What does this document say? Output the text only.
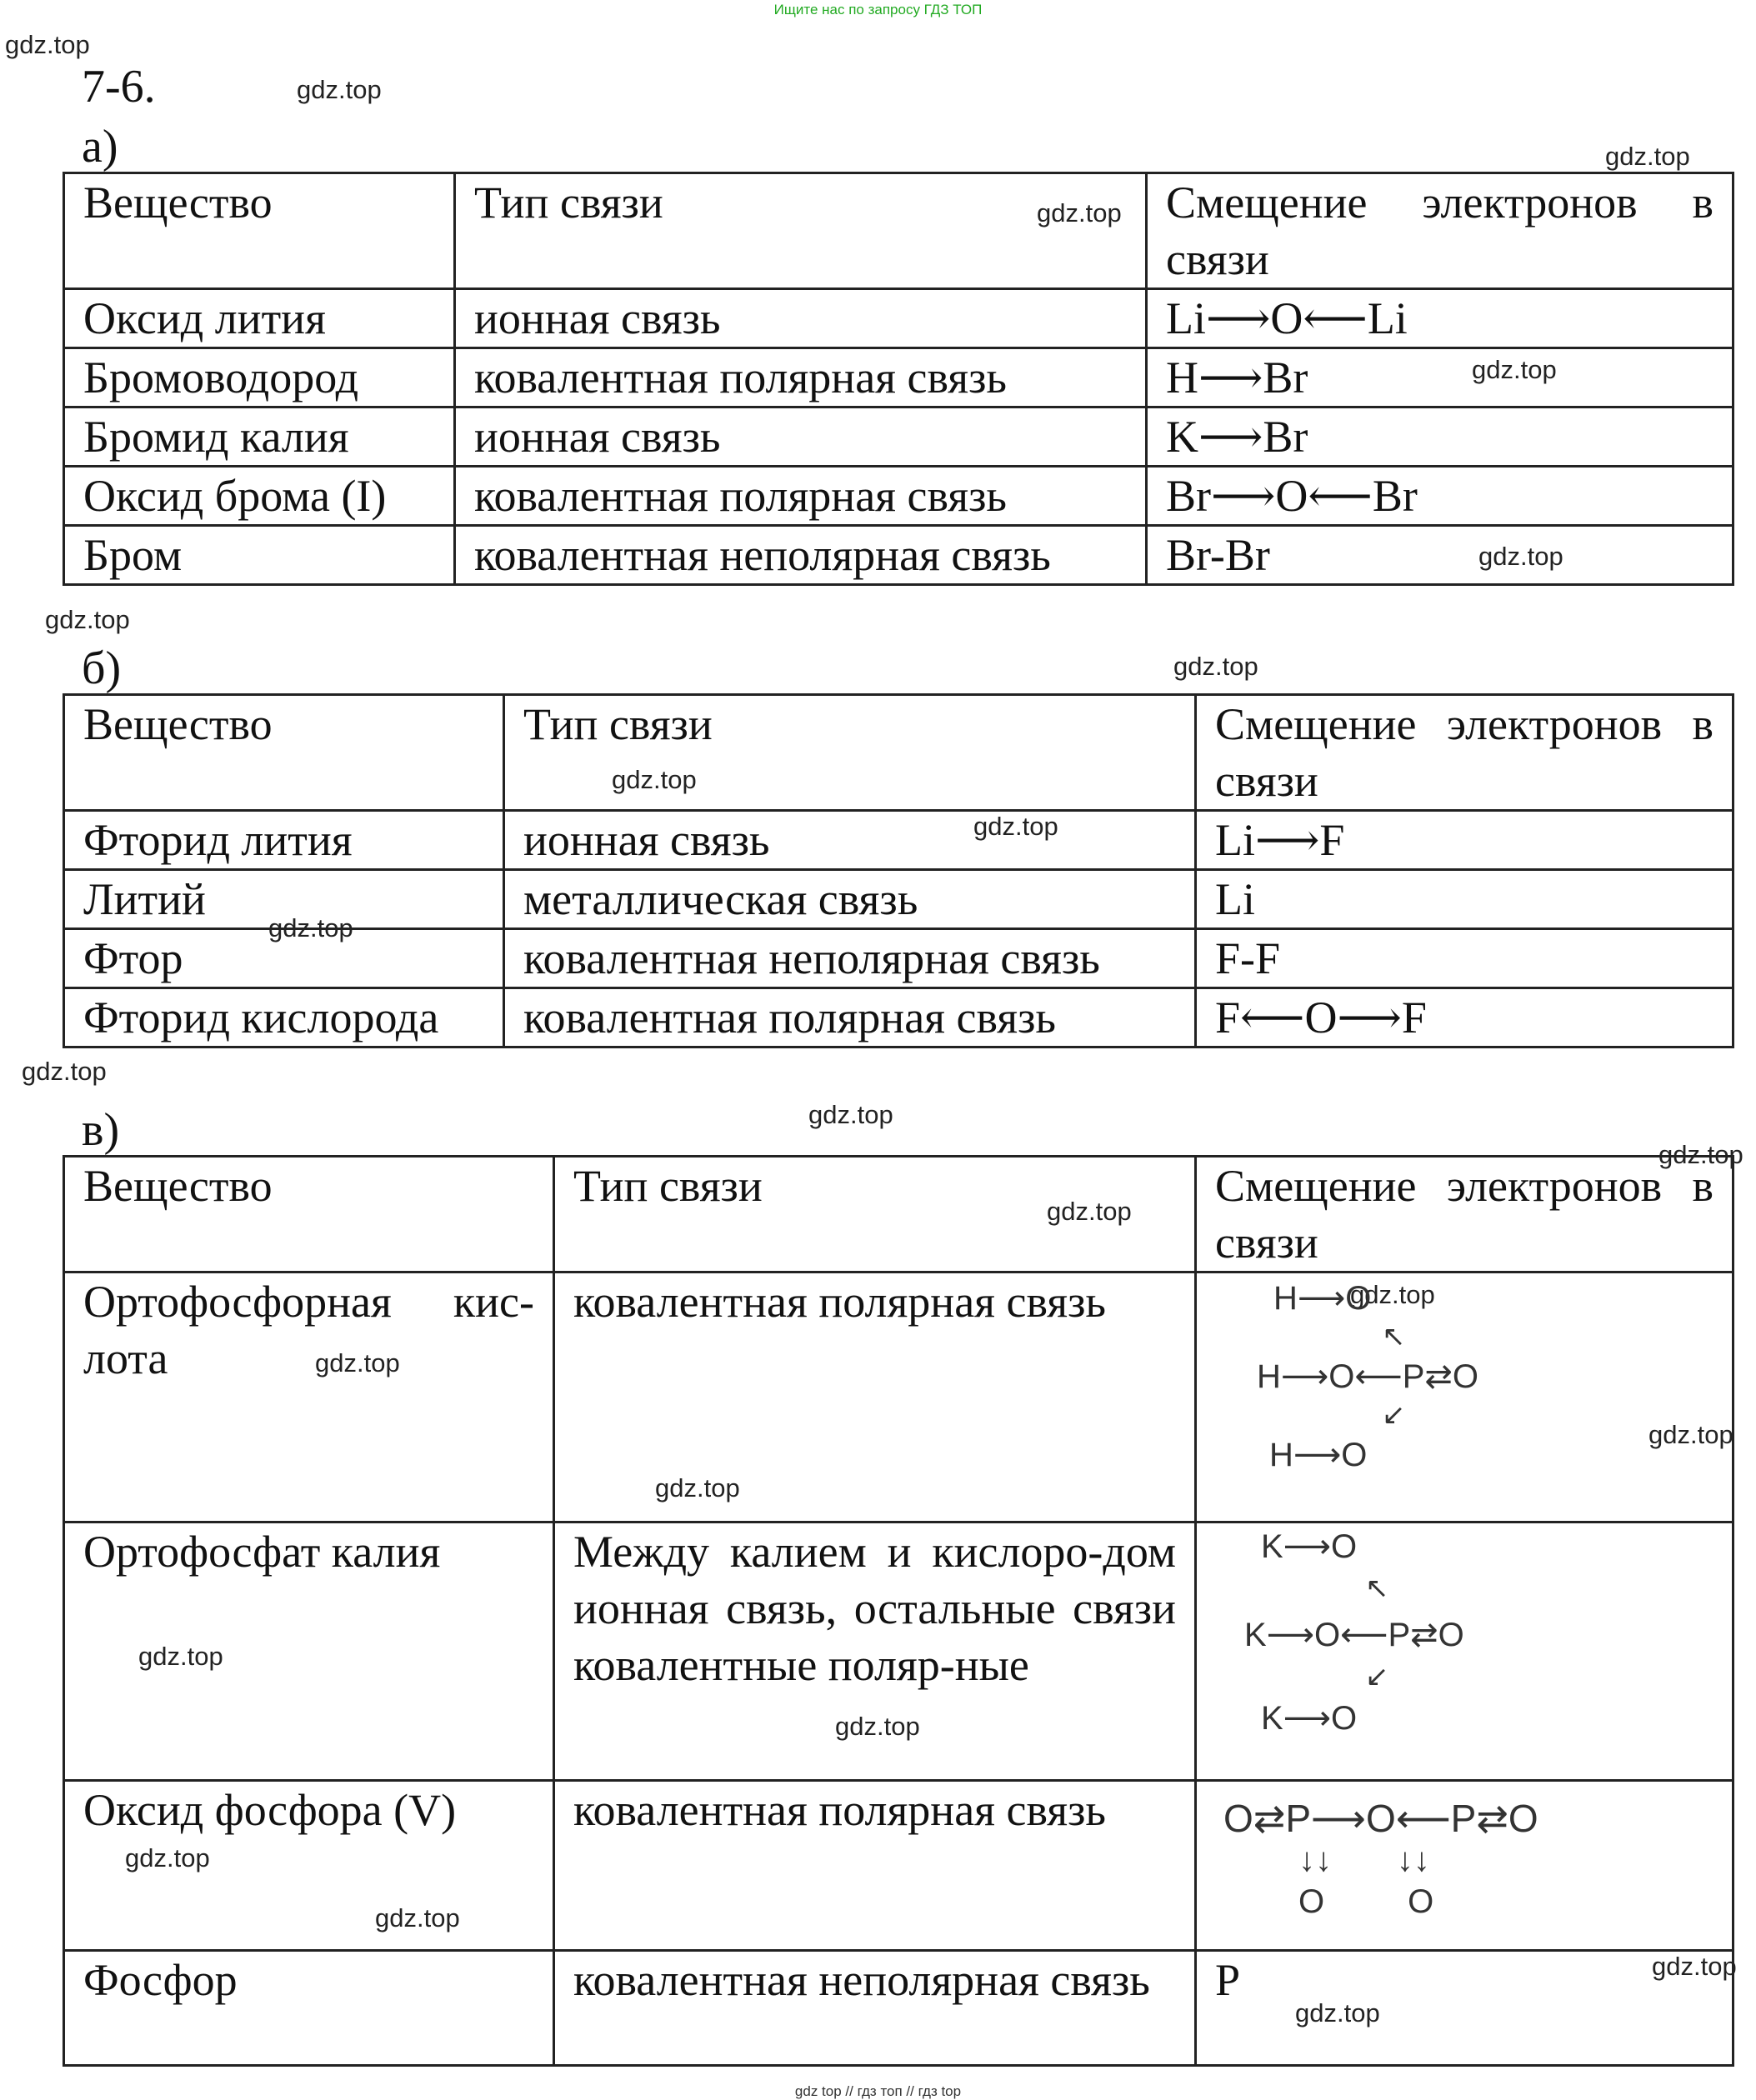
Ищите нас по запросу ГДЗ ТОП
gdz.top
gdz.top
gdz.top
gdz.top
gdz.top
gdz.top
gdz.top
gdz.top
gdz.top
gdz.top
gdz.top
gdz.top
gdz.top
gdz.top
gdz.top
gdz.top
gdz.top
gdz.top
gdz.top
gdz.top
gdz.top
gdz.top
gdz.top
gdz.top
gdz.top
7-6.
а)
Вещество	Тип связи	Смещение электронов в связи
Оксид лития	ионная связь	Li⟶O⟵Li
Бромоводород	ковалентная полярная связь	H⟶Br
Бромид калия	ионная связь	K⟶Br
Оксид брома (I)	ковалентная полярная связь	Br⟶O⟵Br
Бром	ковалентная неполярная связь	Br-Br
б)
Вещество	Тип связи	Смещение электронов в связи
Фторид лития	ионная связь	Li⟶F
Литий	металлическая связь	Li
Фтор	ковалентная неполярная связь	F-F
Фторид кислорода	ковалентная полярная связь	F⟵O⟶F
в)
Вещество	Тип связи	Смещение электронов в связи
Ортофосфорная кис-лота	ковалентная полярная связь	H⟶O
↖
H⟶O⟵P⇄O
↙
H⟶O

Ортофосфат калия	Между калием и кислоро-дом ионная связь, остальные связи ковалентные поляр-ные	K⟶O
↖
K⟶O⟵P⇄O
↙
K⟶O

Оксид фосфора (V)	ковалентная полярная связь	O⇄P⟶O⟵P⇄O
↓↓       ↓↓
O         O

Фосфор	ковалентная неполярная связь	P
gdz top // гдз топ // гдз top
